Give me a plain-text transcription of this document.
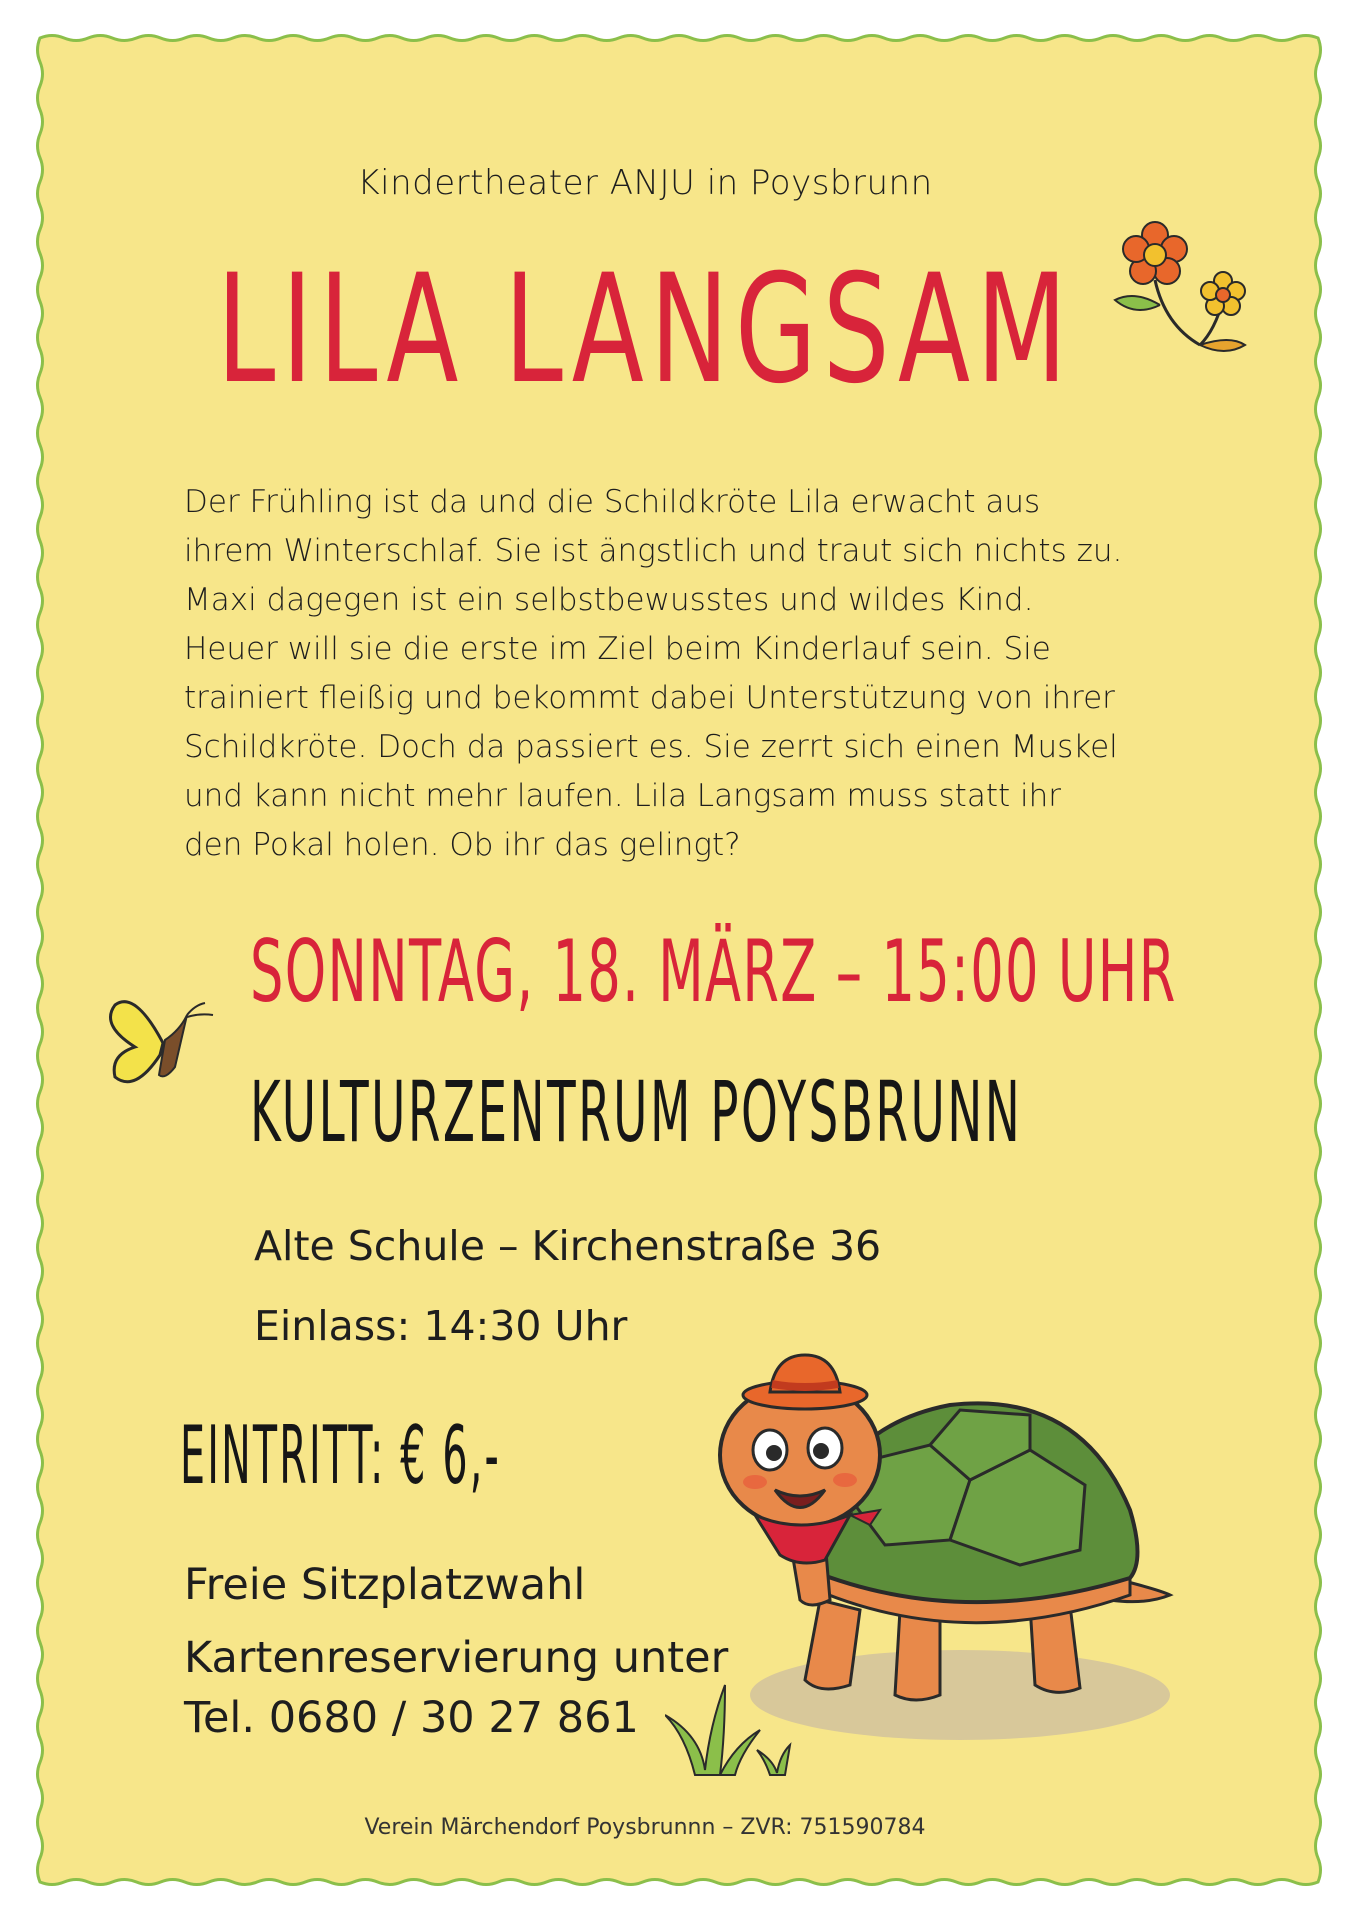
Kindertheater ANJU in Poysbrunn
LILA LANGSAM
Der Frühling ist da und die Schildkröte Lila erwacht aus ihrem Winterschlaf. Sie ist ängstlich und traut sich nichts zu. Maxi dagegen ist ein selbstbewusstes und wildes Kind. Heuer will sie die erste im Ziel beim Kinderlauf sein. Sie trainiert fleißig und bekommt dabei Unterstützung von ihrer Schildkröte. Doch da passiert es. Sie zerrt sich einen Muskel und kann nicht mehr laufen. Lila Langsam muss statt ihr den Pokal holen. Ob ihr das gelingt?
SONNTAG, 18. MÄRZ – 15:00 UHR
KULTURZENTRUM POYSBRUNN
Alte Schule – Kirchenstraße 36
Einlass: 14:30 Uhr
EINTRITT: € 6,-
Freie Sitzplatzwahl
Kartenreservierung unter
Tel. 0680 / 30 27 861
Verein Märchendorf Poysbrunnn – ZVR: 751590784
